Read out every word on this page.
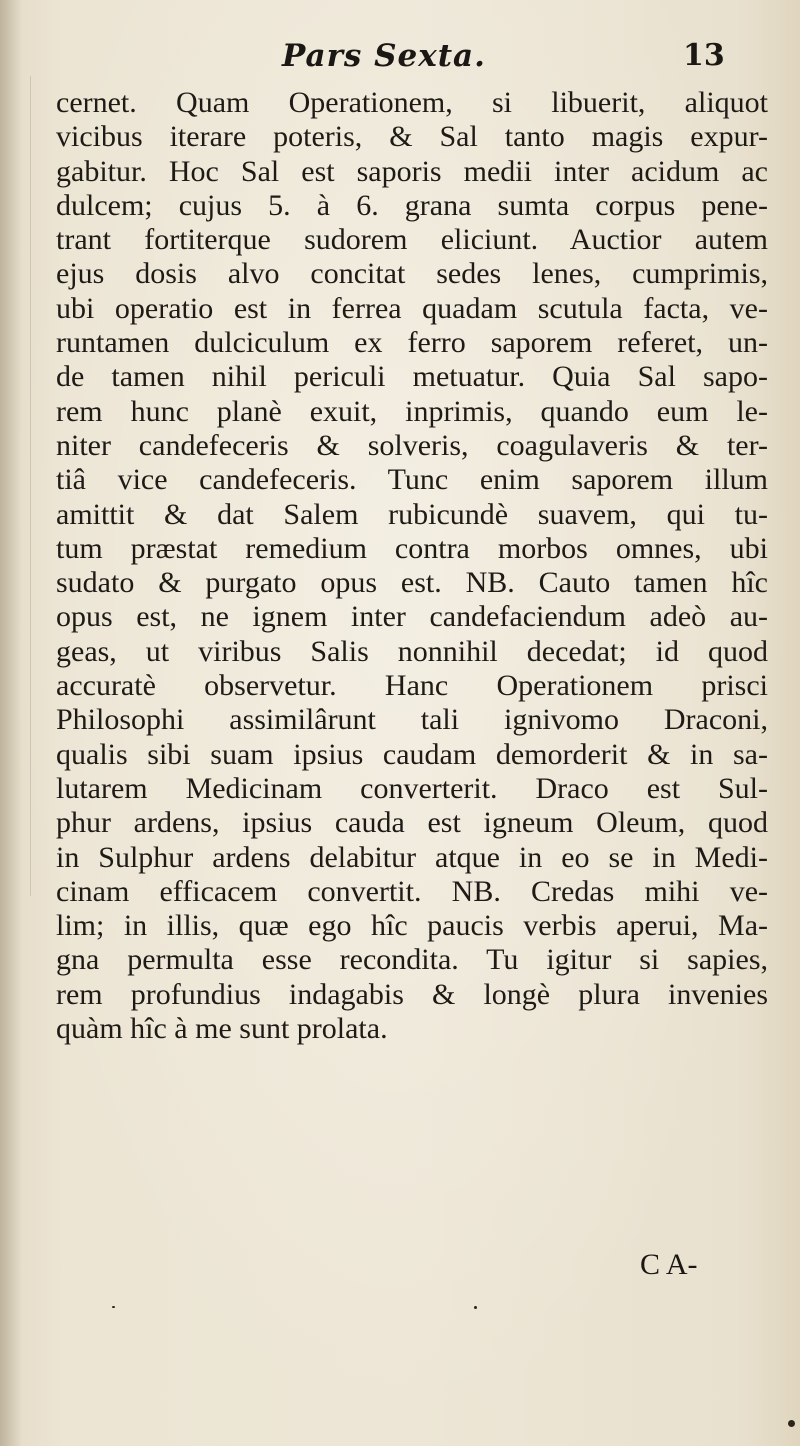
Pars Sexta.	13
cernet. Quam Operationem, si libuerit, aliquot
vicibus iterare poteris, & Sal tanto magis expur-
gabitur. Hoc Sal est saporis medii inter acidum ac
dulcem; cujus 5. à 6. grana sumta corpus pene-
trant fortiterque sudorem eliciunt. Auctior autem
ejus dosis alvo concitat sedes lenes, cumprimis,
ubi operatio est in ferrea quadam scutula facta, ve-
runtamen dulciculum ex ferro saporem referet, un-
de tamen nihil periculi metuatur. Quia Sal sapo-
rem hunc planè exuit, inprimis, quando eum le-
niter candefeceris & solveris, coagulaveris & ter-
tiâ vice candefeceris. Tunc enim saporem illum
amittit & dat Salem rubicundè suavem, qui tu-
tum præstat remedium contra morbos omnes, ubi
sudato & purgato opus est. NB. Cauto tamen hîc
opus est, ne ignem inter candefaciendum adeò au-
geas, ut viribus Salis nonnihil decedat; id quod
accuratè observetur. Hanc Operationem prisci
Philosophi assimilârunt tali ignivomo Draconi,
qualis sibi suam ipsius caudam demorderit & in sa-
lutarem Medicinam converterit. Draco est Sul-
phur ardens, ipsius cauda est igneum Oleum, quod
in Sulphur ardens delabitur atque in eo se in Medi-
cinam efficacem convertit. NB. Credas mihi ve-
lim; in illis, quæ ego hîc paucis verbis aperui, Ma-
gna permulta esse recondita. Tu igitur si sapies,
rem profundius indagabis & longè plura invenies
quàm hîc à me sunt prolata.
C A-
